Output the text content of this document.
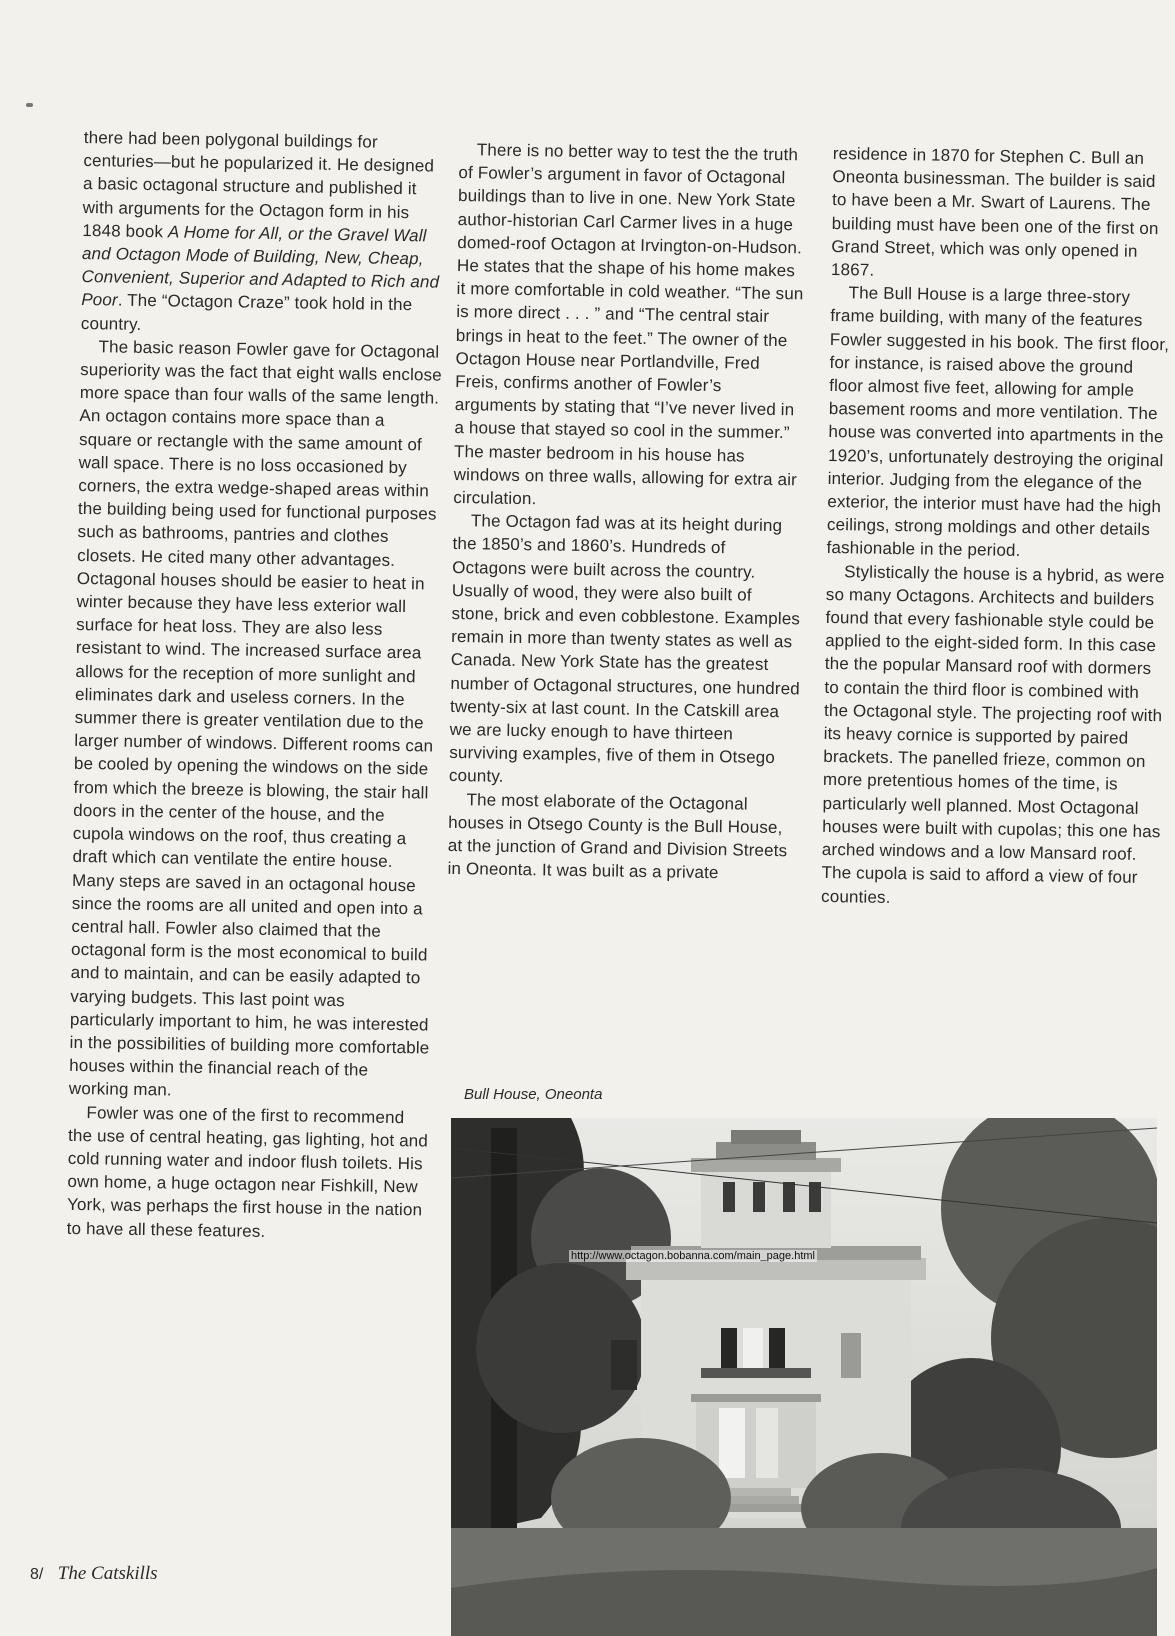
there had been polygonal buildings for centuries—but he popularized it. He designed a basic octagonal structure and published it with arguments for the Octagon form in his 1848 book A Home for All, or the Gravel Wall and Octagon Mode of Building, New, Cheap, Convenient, Superior and Adapted to Rich and Poor. The “Octagon Craze” took hold in the country.

The basic reason Fowler gave for Octagonal superiority was the fact that eight walls enclose more space than four walls of the same length. An octagon contains more space than a square or rectangle with the same amount of wall space. There is no loss occasioned by corners, the extra wedge-shaped areas within the building being used for functional purposes such as bathrooms, pantries and clothes closets. He cited many other advantages. Octagonal houses should be easier to heat in winter because they have less exterior wall surface for heat loss. They are also less resistant to wind. The increased surface area allows for the reception of more sunlight and eliminates dark and useless corners. In the summer there is greater ventilation due to the larger number of windows. Different rooms can be cooled by opening the windows on the side from which the breeze is blowing, the stair hall doors in the center of the house, and the cupola windows on the roof, thus creating a draft which can ventilate the entire house. Many steps are saved in an octagonal house since the rooms are all united and open into a central hall. Fowler also claimed that the octagonal form is the most economical to build and to maintain, and can be easily adapted to varying budgets. This last point was particularly important to him, he was interested in the possibilities of building more comfortable houses within the financial reach of the working man.

Fowler was one of the first to recommend the use of central heating, gas lighting, hot and cold running water and indoor flush toilets. His own home, a huge octagon near Fishkill, New York, was perhaps the first house in the nation to have all these features.

There is no better way to test the the truth of Fowler’s argument in favor of Octagonal buildings than to live in one. New York State author-historian Carl Carmer lives in a huge domed-roof Octagon at Irvington-on-Hudson. He states that the shape of his home makes it more comfortable in cold weather. “The sun is more direct . . . ” and “The central stair brings in heat to the feet.” The owner of the Octagon House near Portlandville, Fred Freis, confirms another of Fowler’s arguments by stating that “I’ve never lived in a house that stayed so cool in the summer.” The master bedroom in his house has windows on three walls, allowing for extra air circulation.

The Octagon fad was at its height during the 1850’s and 1860’s. Hundreds of Octagons were built across the country. Usually of wood, they were also built of stone, brick and even cobblestone. Examples remain in more than twenty states as well as Canada. New York State has the greatest number of Octagonal structures, one hundred twenty-six at last count. In the Catskill area we are lucky enough to have thirteen surviving examples, five of them in Otsego county.

The most elaborate of the Octagonal houses in Otsego County is the Bull House, at the junction of Grand and Division Streets in Oneonta. It was built as a private

residence in 1870 for Stephen C. Bull an Oneonta businessman. The builder is said to have been a Mr. Swart of Laurens. The building must have been one of the first on Grand Street, which was only opened in 1867.

The Bull House is a large three-story frame building, with many of the features Fowler suggested in his book. The first floor, for instance, is raised above the ground floor almost five feet, allowing for ample basement rooms and more ventilation. The house was converted into apartments in the 1920’s, unfortunately destroying the original interior. Judging from the elegance of the exterior, the interior must have had the high ceilings, strong moldings and other details fashionable in the period.

Stylistically the house is a hybrid, as were so many Octagons. Architects and builders found that every fashionable style could be applied to the eight-sided form. In this case the the popular Mansard roof with dormers to contain the third floor is combined with the Octagonal style. The projecting roof with its heavy cornice is supported by paired brackets. The panelled frieze, common on more pretentious homes of the time, is particularly well planned. Most Octagonal houses were built with cupolas; this one has arched windows and a low Mansard roof. The cupola is said to afford a view of four counties.

Bull House, Oneonta
http://www.octagon.bobanna.com/main_page.html
8/ The Catskills
